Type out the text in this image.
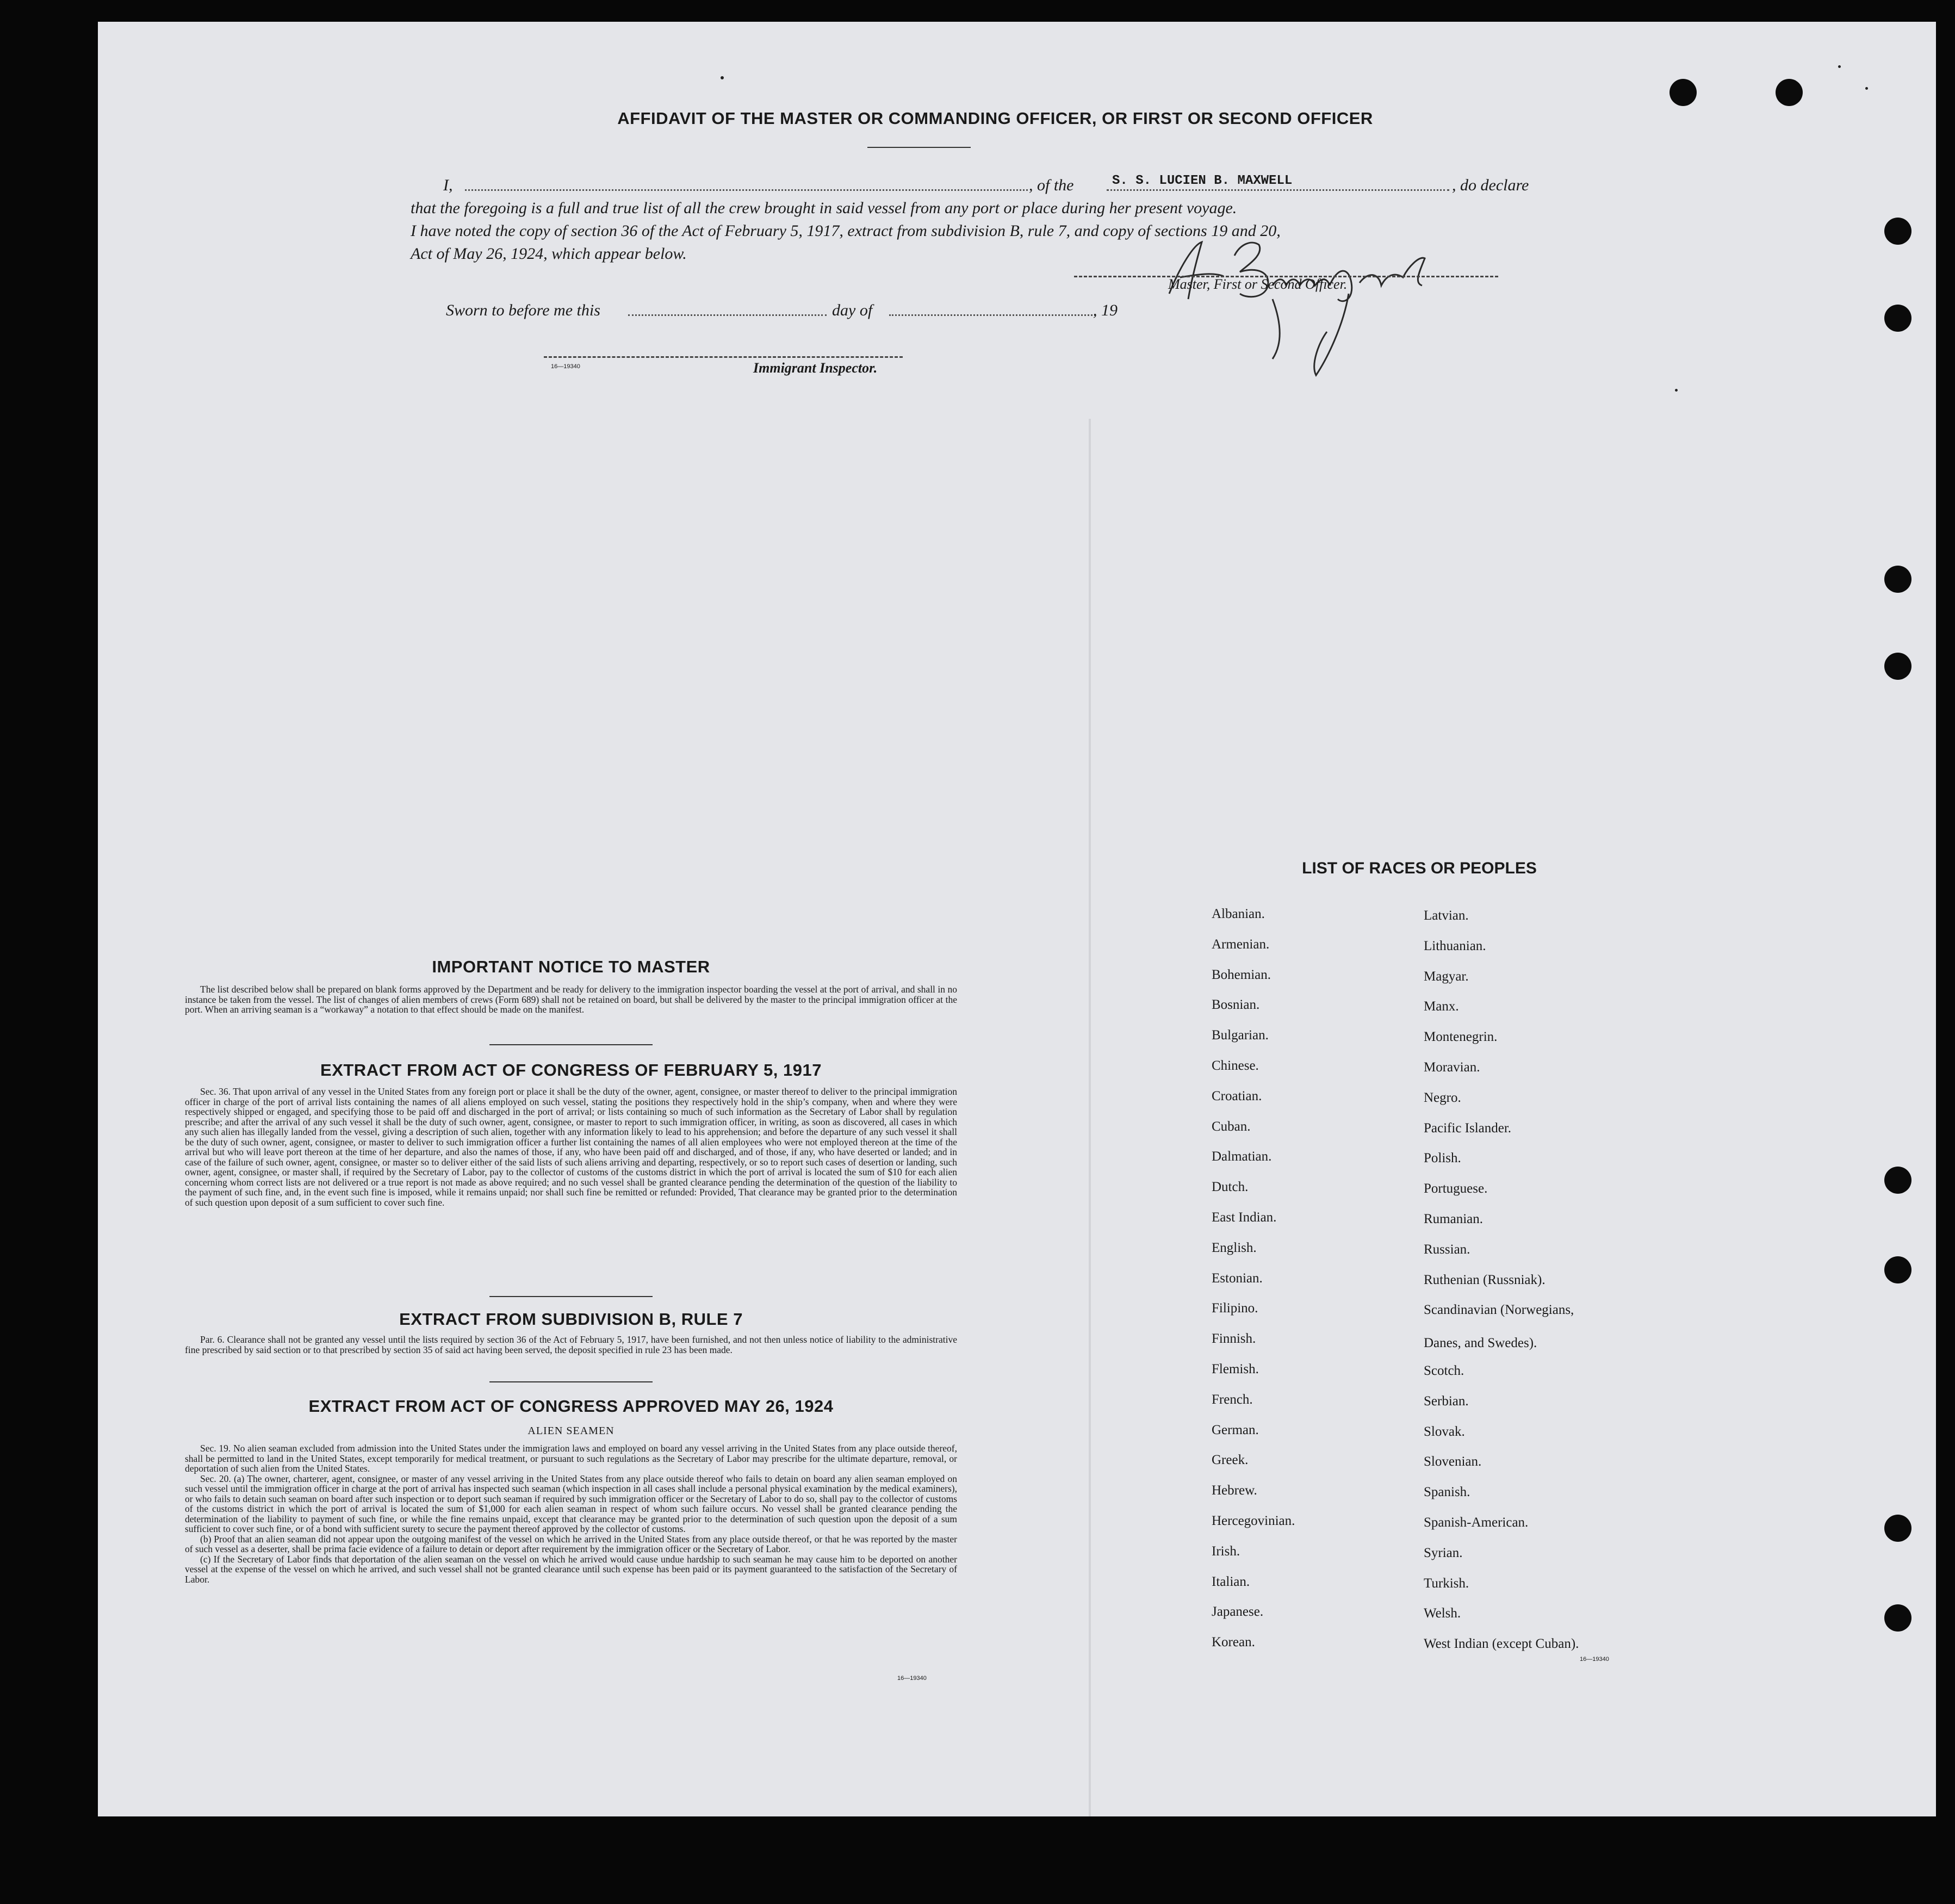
AFFIDAVIT OF THE MASTER OR COMMANDING OFFICER, OR FIRST OR SECOND OFFICER
I,	, of the	S. S. LUCIEN B. MAXWELL	, do declare
that the foregoing is a full and true list of all the crew brought in said vessel from any port or place during her present voyage.
I have noted the copy of section 36 of the Act of February 5, 1917, extract from subdivision B, rule 7, and copy of sections 19 and 20,
Act of May 26, 1924, which appear below.
Master, First or Second Officer.
Sworn to before me this	day of	, 19
16—19340	Immigrant Inspector.
IMPORTANT NOTICE TO MASTER

The list described below shall be prepared on blank forms approved by the Department and be ready for delivery to the immigration inspector boarding the vessel at the port of arrival, and shall in no instance be taken from the vessel. The list of changes of alien members of crews (Form 689) shall not be retained on board, but shall be delivered by the master to the principal immigration officer at the port. When an arriving seaman is a “workaway” a notation to that effect should be made on the manifest.

EXTRACT FROM ACT OF CONGRESS OF FEBRUARY 5, 1917

Sec. 36. That upon arrival of any vessel in the United States from any foreign port or place it shall be the duty of the owner, agent, consignee, or master thereof to deliver to the principal immigration officer in charge of the port of arrival lists containing the names of all aliens employed on such vessel, stating the positions they respectively hold in the ship’s company, when and where they were respectively shipped or engaged, and specifying those to be paid off and discharged in the port of arrival; or lists containing so much of such information as the Secretary of Labor shall by regulation prescribe; and after the arrival of any such vessel it shall be the duty of such owner, agent, consignee, or master to report to such immigration officer, in writing, as soon as discovered, all cases in which any such alien has illegally landed from the vessel, giving a description of such alien, together with any information likely to lead to his apprehension; and before the departure of any such vessel it shall be the duty of such owner, agent, consignee, or master to deliver to such immigration officer a further list containing the names of all alien employees who were not employed thereon at the time of the arrival but who will leave port thereon at the time of her departure, and also the names of those, if any, who have been paid off and discharged, and of those, if any, who have deserted or landed; and in case of the failure of such owner, agent, consignee, or master so to deliver either of the said lists of such aliens arriving and departing, respectively, or so to report such cases of desertion or landing, such owner, agent, consignee, or master shall, if required by the Secretary of Labor, pay to the collector of customs of the customs district in which the port of arrival is located the sum of $10 for each alien concerning whom correct lists are not delivered or a true report is not made as above required; and no such vessel shall be granted clearance pending the determination of the question of the liability to the payment of such fine, and, in the event such fine is imposed, while it remains unpaid; nor shall such fine be remitted or refunded: Provided, That clearance may be granted prior to the determination of such question upon deposit of a sum sufficient to cover such fine.

EXTRACT FROM SUBDIVISION B, RULE 7

Par. 6. Clearance shall not be granted any vessel until the lists required by section 36 of the Act of February 5, 1917, have been furnished, and not then unless notice of liability to the administrative fine prescribed by said section or to that prescribed by section 35 of said act having been served, the deposit specified in rule 23 has been made.

EXTRACT FROM ACT OF CONGRESS APPROVED MAY 26, 1924
ALIEN SEAMEN

Sec. 19. No alien seaman excluded from admission into the United States under the immigration laws and employed on board any vessel arriving in the United States from any place outside thereof, shall be permitted to land in the United States, except temporarily for medical treatment, or pursuant to such regulations as the Secretary of Labor may prescribe for the ultimate departure, removal, or deportation of such alien from the United States.

Sec. 20. (a) The owner, charterer, agent, consignee, or master of any vessel arriving in the United States from any place outside thereof who fails to detain on board any alien seaman employed on such vessel until the immigration officer in charge at the port of arrival has inspected such seaman (which inspection in all cases shall include a personal physical examination by the medical examiners), or who fails to detain such seaman on board after such inspection or to deport such seaman if required by such immigration officer or the Secretary of Labor to do so, shall pay to the collector of customs of the customs district in which the port of arrival is located the sum of $1,000 for each alien seaman in respect of whom such failure occurs. No vessel shall be granted clearance pending the determination of the liability to payment of such fine, or while the fine remains unpaid, except that clearance may be granted prior to the determination of such question upon the deposit of a sum sufficient to cover such fine, or of a bond with sufficient surety to secure the payment thereof approved by the collector of customs.

(b) Proof that an alien seaman did not appear upon the outgoing manifest of the vessel on which he arrived in the United States from any place outside thereof, or that he was reported by the master of such vessel as a deserter, shall be prima facie evidence of a failure to detain or deport after requirement by the immigration officer or the Secretary of Labor.

(c) If the Secretary of Labor finds that deportation of the alien seaman on the vessel on which he arrived would cause undue hardship to such seaman he may cause him to be deported on another vessel at the expense of the vessel on which he arrived, and such vessel shall not be granted clearance until such expense has been paid or its payment guaranteed to the satisfaction of the Secretary of Labor.

16—19340
LIST OF RACES OR PEOPLES
Danes, and Swedes).
16—19340
Albanian.
Armenian.
Bohemian.
Bosnian.
Bulgarian.
Chinese.
Croatian.
Cuban.
Dalmatian.
Dutch.
East Indian.
English.
Estonian.
Filipino.
Finnish.
Flemish.
French.
German.
Greek.
Hebrew.
Hercegovinian.
Irish.
Italian.
Japanese.
Korean.
Latvian.
Lithuanian.
Magyar.
Manx.
Montenegrin.
Moravian.
Negro.
Pacific Islander.
Polish.
Portuguese.
Rumanian.
Russian.
Ruthenian (Russniak).
Scandinavian (Norwegians,
Scotch.
Serbian.
Slovak.
Slovenian.
Spanish.
Spanish-American.
Syrian.
Turkish.
Welsh.
West Indian (except Cuban).
